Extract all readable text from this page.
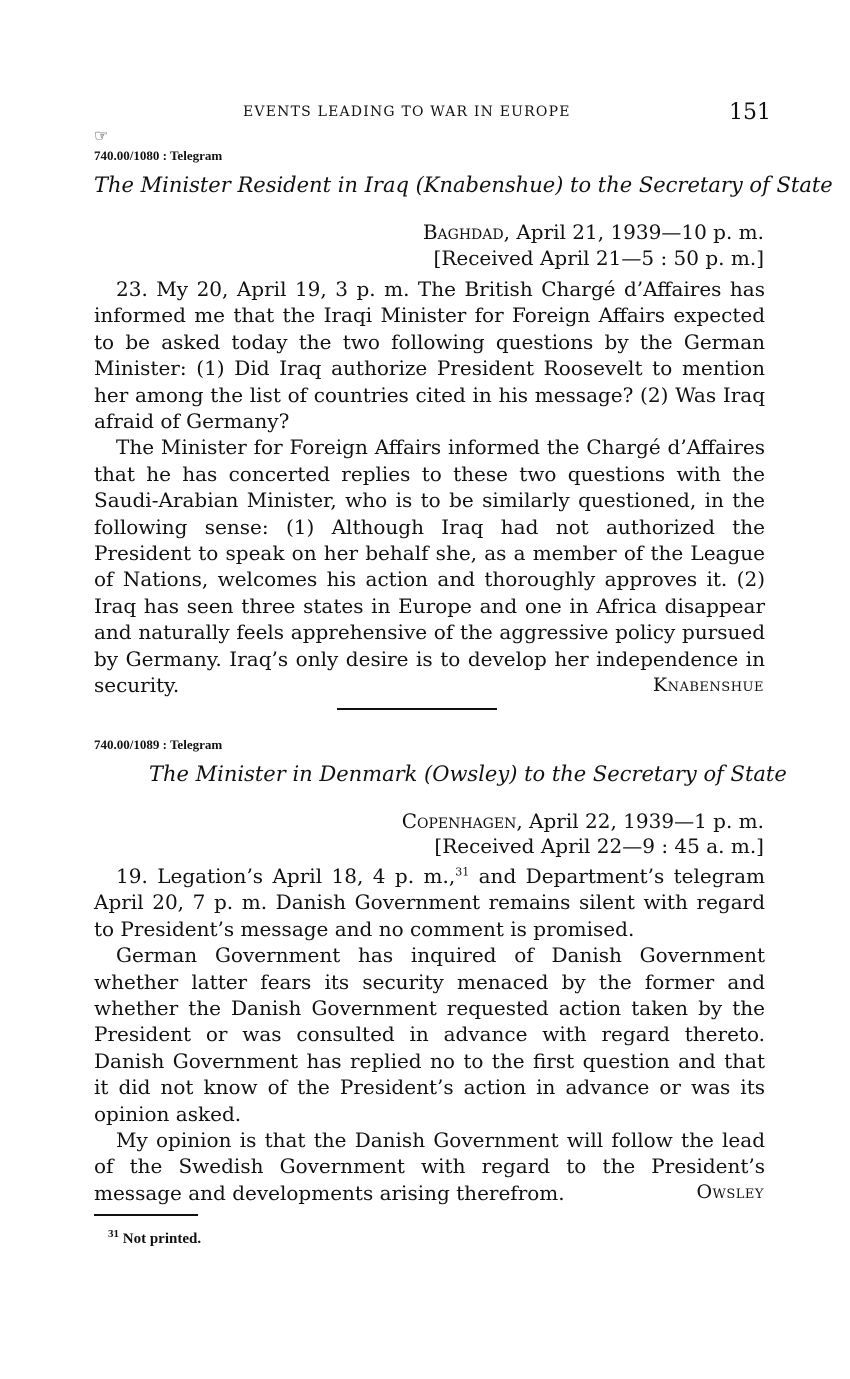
EVENTS LEADING TO WAR IN EUROPE	151
☞
740.00/1080 : Telegram
The Minister Resident in Iraq (Knabenshue) to the Secretary of State
Baghdad, April 21, 1939—10 p. m.
[Received April 21—5 : 50 p. m.]

23. My 20, April 19, 3 p. m. The British Chargé d’Affaires has informed me that the Iraqi Minister for Foreign Affairs expected to be asked today the two following questions by the German Minister: (1) Did Iraq authorize President Roosevelt to mention her among the list of countries cited in his message? (2) Was Iraq afraid of Germany?

The Minister for Foreign Affairs informed the Chargé d’Affaires that he has concerted replies to these two questions with the Saudi-Arabian Minister, who is to be similarly questioned, in the following sense: (1) Although Iraq had not authorized the President to speak on her behalf she, as a member of the League of Nations, welcomes his action and thoroughly approves it. (2) Iraq has seen three states in Europe and one in Africa disappear and naturally feels apprehensive of the aggressive policy pursued by Germany. Iraq’s only desire is to develop her independence in security.	Knabenshue
740.00/1089 : Telegram
The Minister in Denmark (Owsley) to the Secretary of State
Copenhagen, April 22, 1939—1 p. m.
[Received April 22—9 : 45 a. m.]

19. Legation’s April 18, 4 p. m.,$^{31}$ and Department’s telegram April 20, 7 p. m. Danish Government remains silent with regard to President’s message and no comment is promised.

German Government has inquired of Danish Government whether latter fears its security menaced by the former and whether the Danish Government requested action taken by the President or was consulted in advance with regard thereto. Danish Government has replied no to the first question and that it did not know of the President’s action in advance or was its opinion asked.

My opinion is that the Danish Government will follow the lead of the Swedish Government with regard to the President’s message and developments arising therefrom.	Owsley
$^{31}$ Not printed.
